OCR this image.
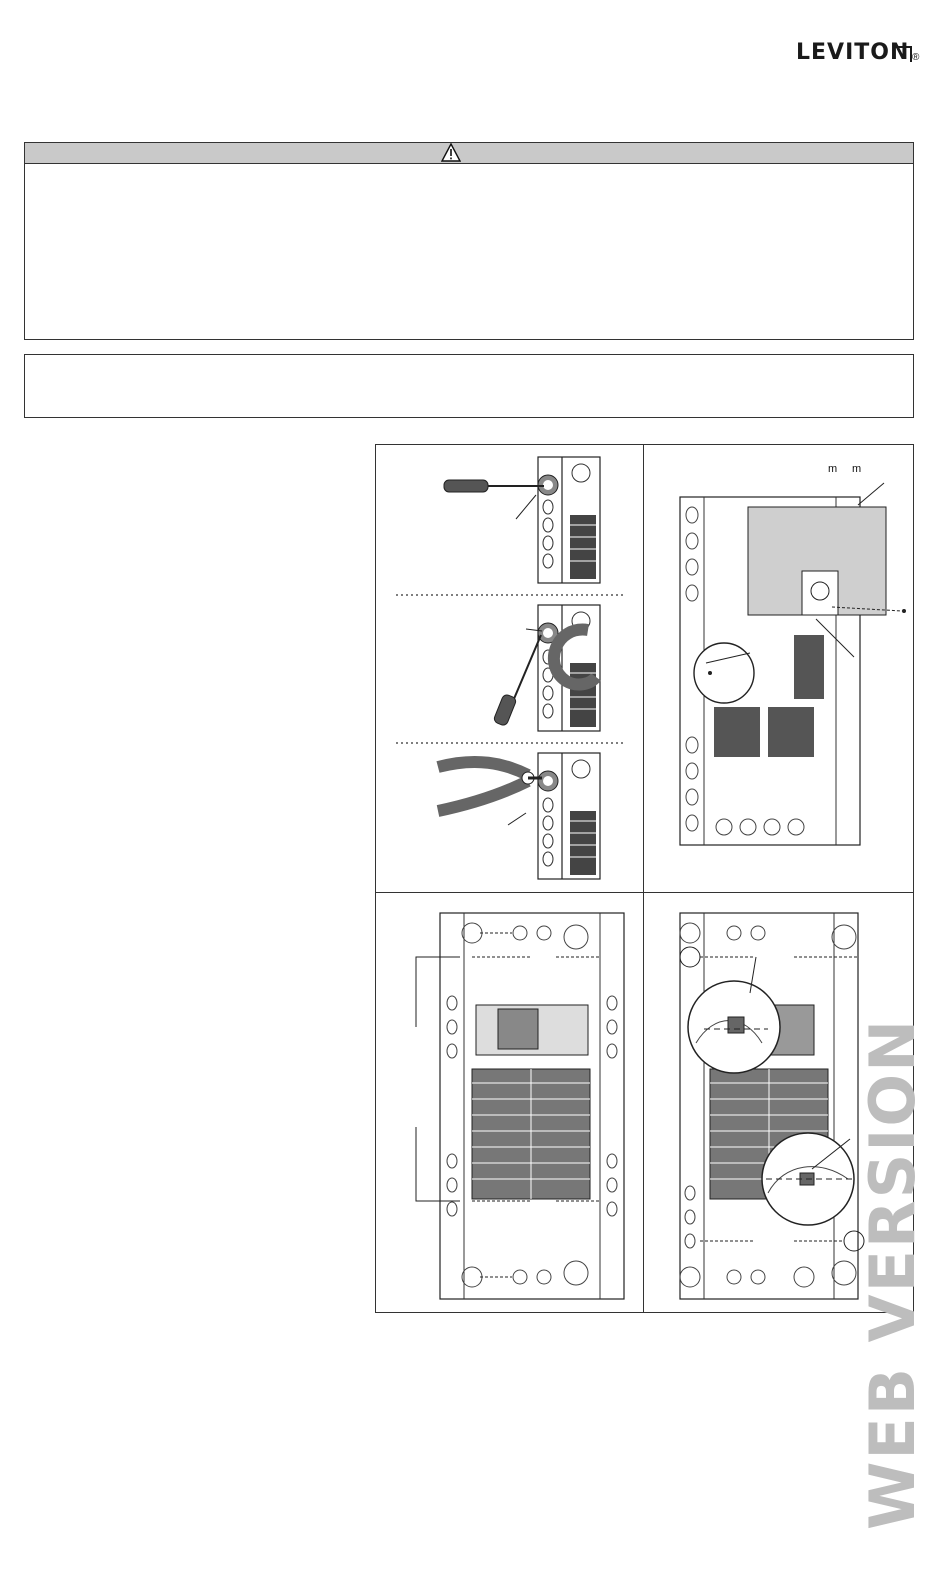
LEVITON ®
m m
WEB VERSION
